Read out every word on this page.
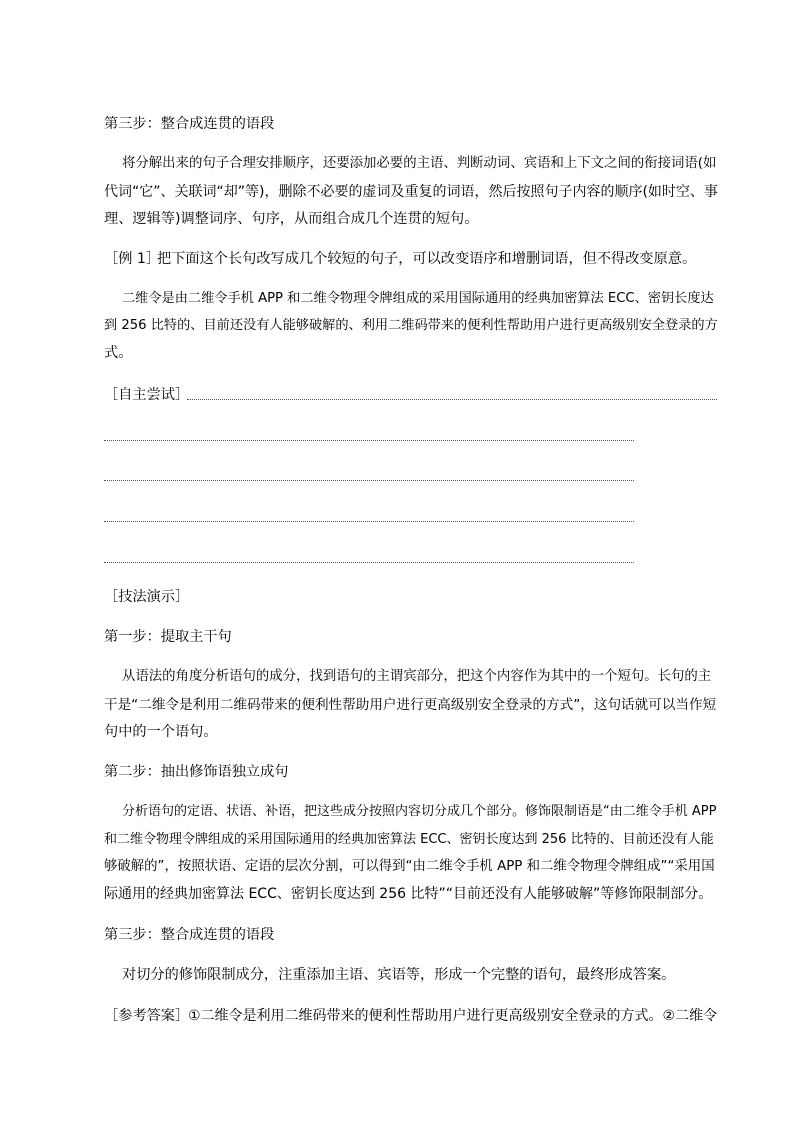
第三步：整合成连贯的语段
将分解出来的句子合理安排顺序，还要添加必要的主语、判断动词、宾语和上下文之间的衔接词语(如
代词“它”、关联词“却”等)，删除不必要的虚词及重复的词语，然后按照句子内容的顺序(如时空、事
理、逻辑等)调整词序、句序，从而组合成几个连贯的短句。
［例 1］
把下面这个长句改写成几个较短的句子，可以改变语序和增删词语，但不得改变原意。
二维令是由二维令手机 APP 和二维令物理令牌组成的采用国际通用的经典加密算法 ECC、密钥长度达
到 256 比特的、目前还没有人能够破解的、利用二维码带来的便利性帮助用户进行更高级别安全登录的方
式。
［自主尝试］
［技法演示］
第一步：提取主干句
从语法的角度分析语句的成分，找到语句的主谓宾部分，把这个内容作为其中的一个短句。长句的主
干是“二维令是利用二维码带来的便利性帮助用户进行更高级别安全登录的方式”，这句话就可以当作短
句中的一个语句。
第二步：抽出修饰语独立成句
分析语句的定语、状语、补语，把这些成分按照内容切分成几个部分。修饰限制语是“由二维令手机 APP
和二维令物理令牌组成的采用国际通用的经典加密算法 ECC、密钥长度达到 256 比特的、目前还没有人能
够破解的”，按照状语、定语的层次分割，可以得到“由二维令手机 APP 和二维令物理令牌组成”“采用国
际通用的经典加密算法 ECC、密钥长度达到 256 比特”“目前还没有人能够破解”等修饰限制部分。
第三步：整合成连贯的语段
对切分的修饰限制成分，注重添加主语、宾语等，形成一个完整的语句，最终形成答案。
［参考答案］
①二维令是利用二维码带来的便利性帮助用户进行更高级别安全登录的方式。②二维令
